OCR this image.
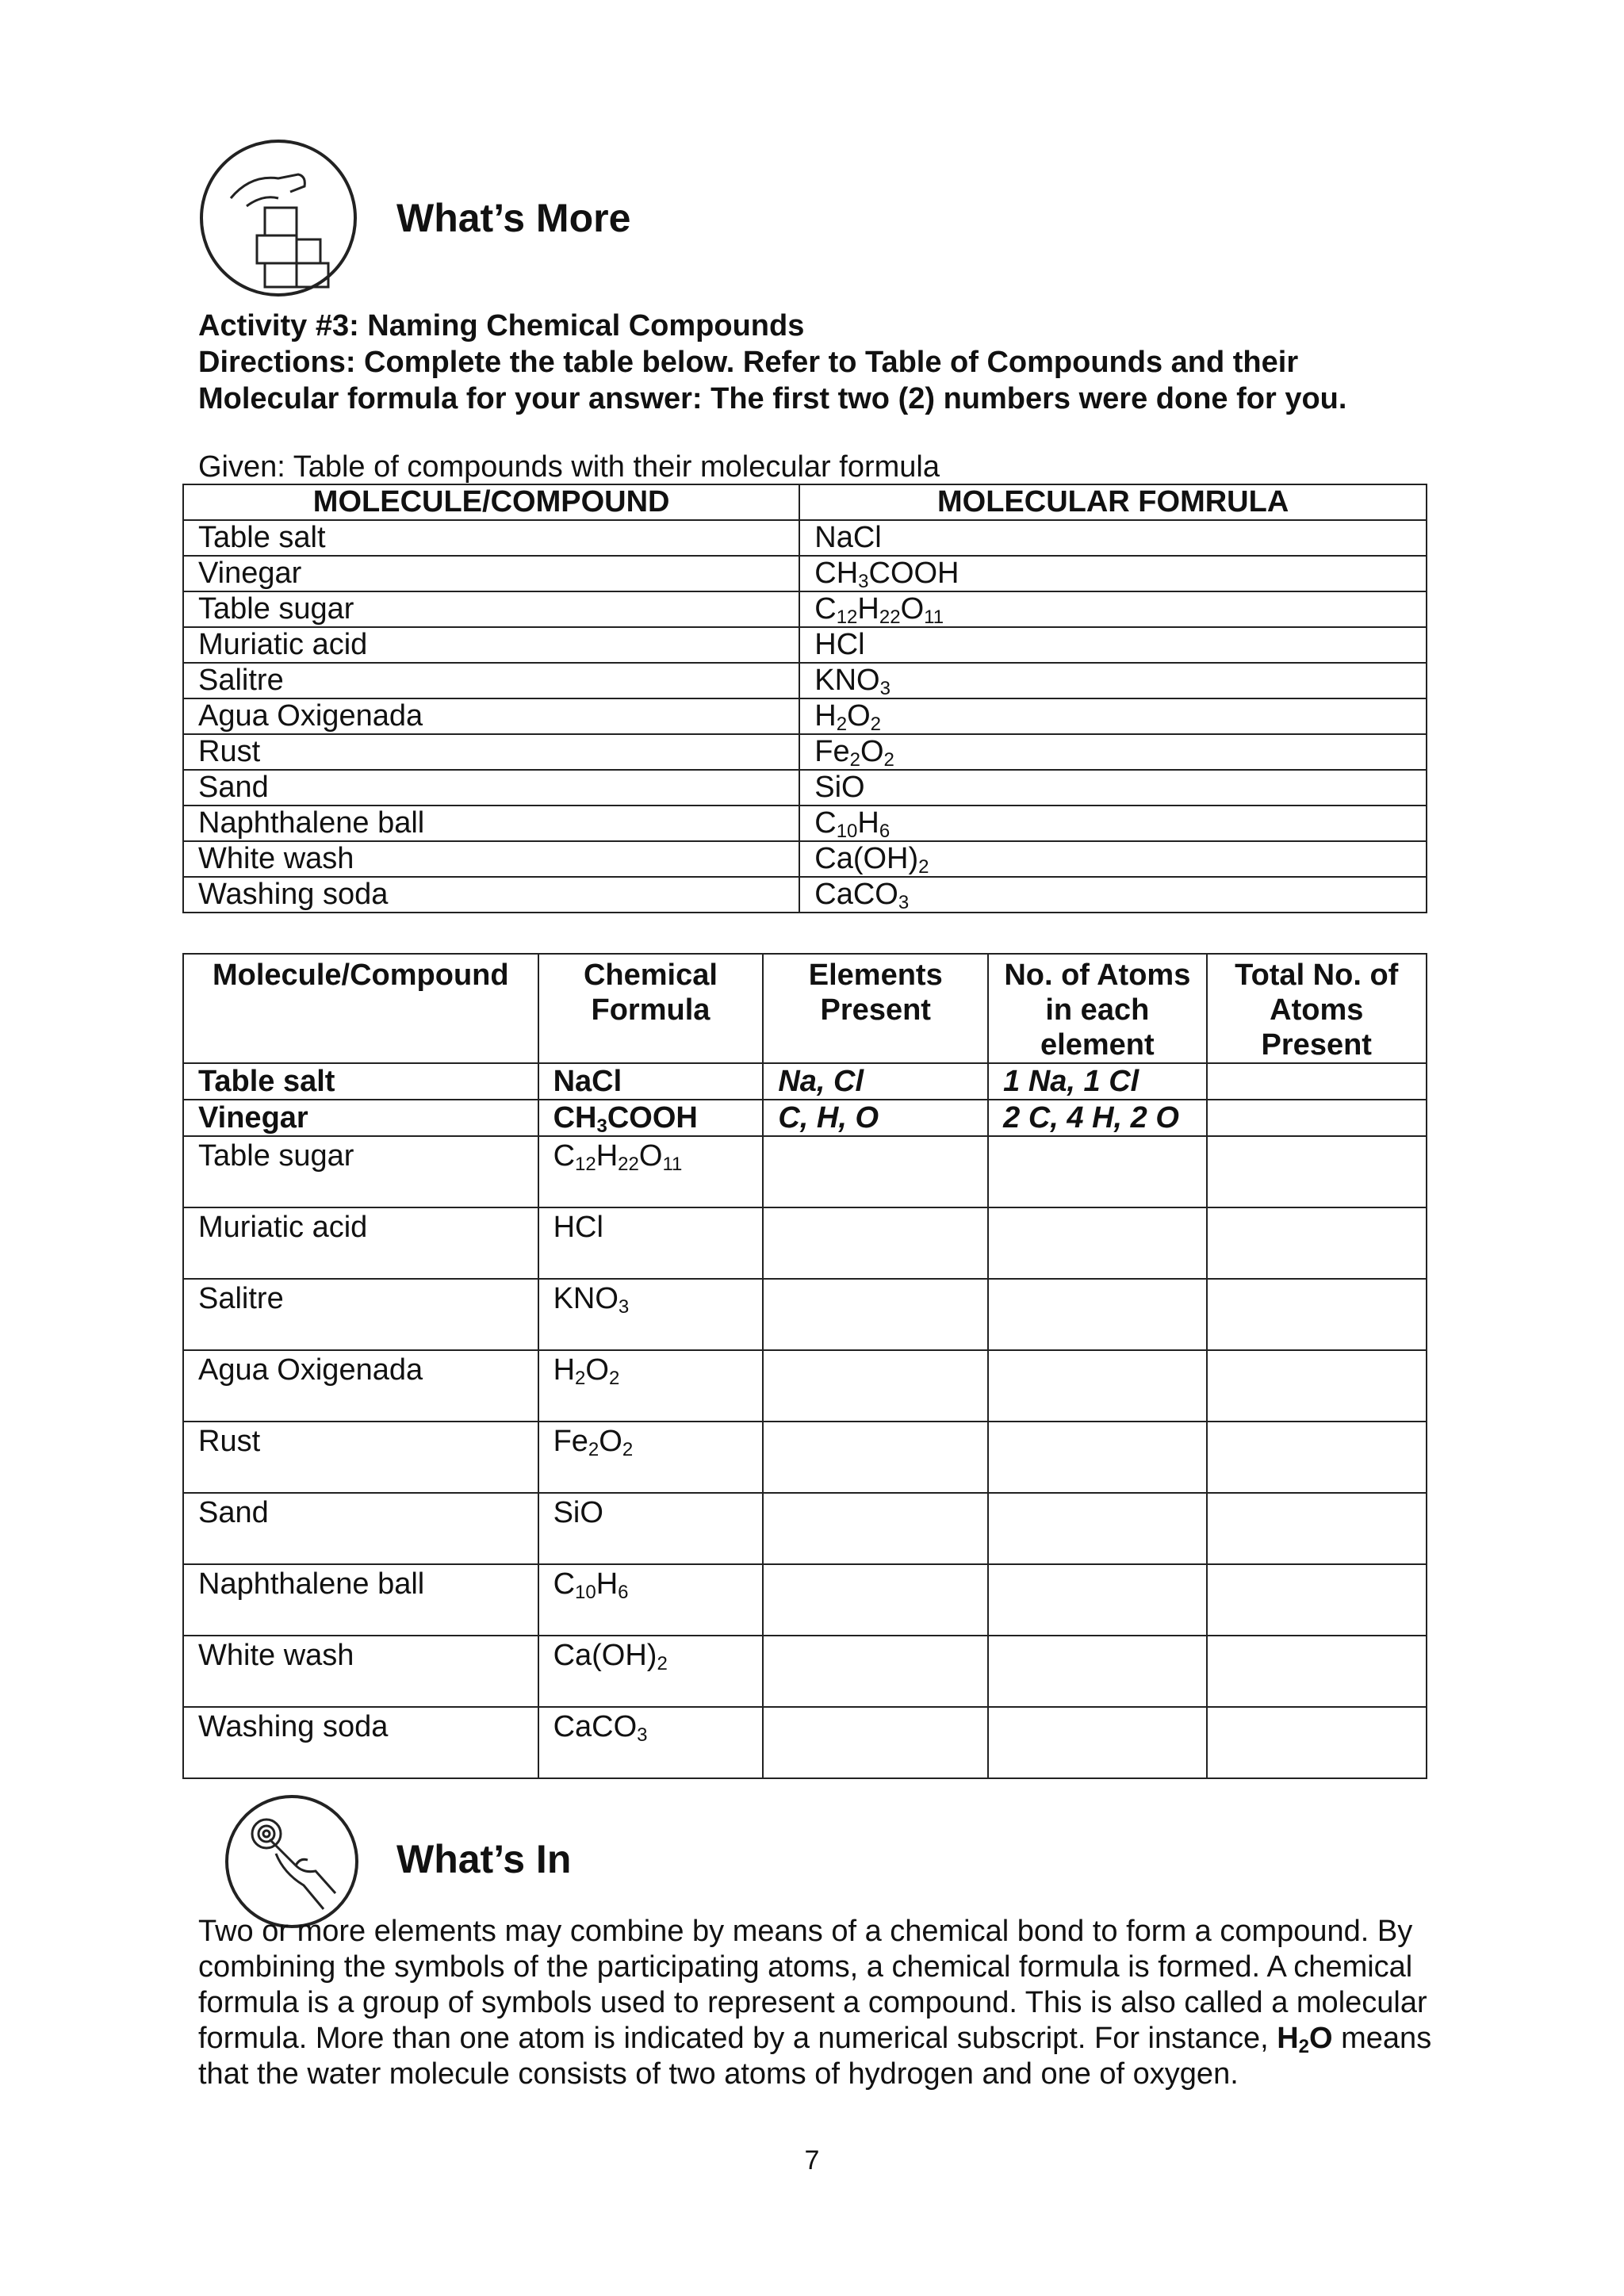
What’s More
Activity #3: Naming Chemical Compounds
Directions: Complete the table below. Refer to Table of Compounds and their
Molecular formula for your answer: The first two (2) numbers were done for you.
Given: Table of compounds with their molecular formula
MOLECULE/COMPOUND	MOLECULAR FOMRULA
Table salt	NaCl
Vinegar	$CH_3COOH$
Table sugar	$C_{12}H_{22}O_{11}$
Muriatic acid	HCl
Salitre	$KNO_3$
Agua Oxigenada	$H_2O_2$
Rust	$Fe_2O_2$
Sand	SiO
Naphthalene ball	$C_{10}H_6$
White wash	$Ca(OH)_2$
Washing soda	CaCO$_3$
Molecule/Compound	Chemical Formula	Elements Present	No. of Atoms in each element	Total No. of Atoms Present
Table salt	NaCl	Na, Cl	1 Na, 1 Cl	
Vinegar	$CH_3COOH$	C, H, O	2 C, 4 H, 2 O	
Table sugar	$C_{12}H_{22}O_{11}$			
Muriatic acid	HCl			
Salitre	$KNO_3$			
Agua Oxigenada	$H_2O_2$			
Rust	$Fe_2O_2$			
Sand	SiO			
Naphthalene ball	$C_{10}H_6$			
White wash	$Ca(OH)_2$			
Washing soda	CaCO$_3$			
What’s In
Two or more elements may combine by means of a chemical bond to form a compound. By combining the symbols of the participating atoms, a chemical formula is formed. A chemical formula is a group of symbols used to represent a compound. This is also called a molecular formula. More than one atom is indicated by a numerical subscript. For instance, $H_2O$ means that the water molecule consists of two atoms of hydrogen and one of oxygen.
7
